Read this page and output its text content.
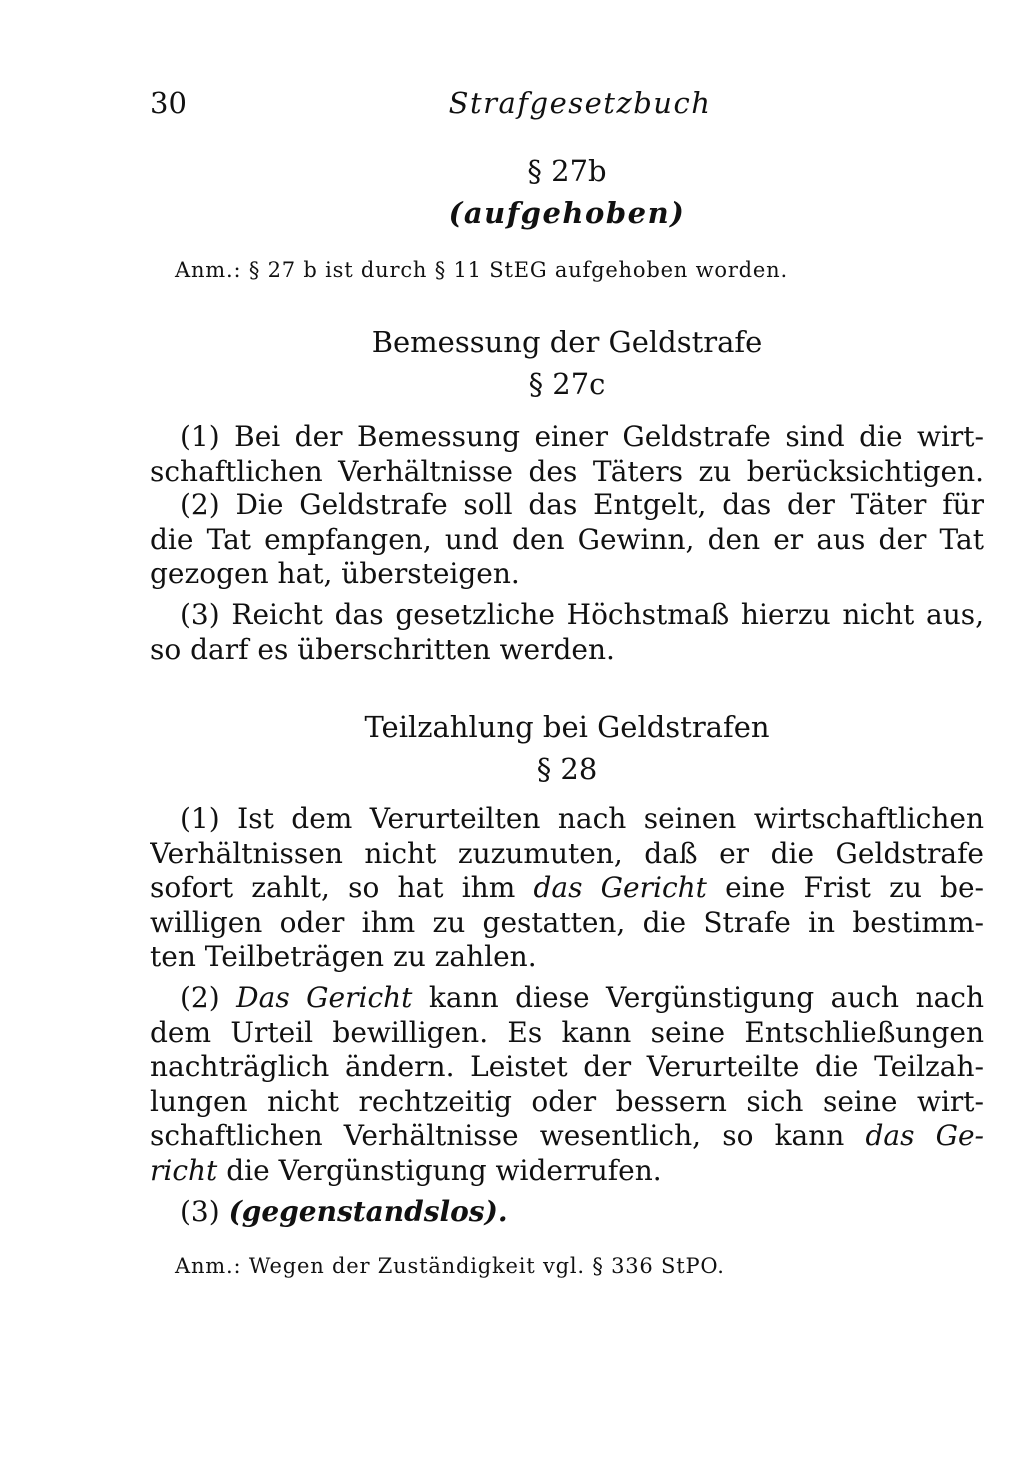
30	Strafgesetzbuch
§ 27b
(aufgehoben)
Anm.: § 27 b ist durch § 11 StEG aufgehoben worden.
Bemessung der Geldstrafe
§ 27c
(1) Bei der Bemessung einer Geldstrafe sind die wirt-
schaftlichen Verhältnisse des Täters zu berücksichtigen.
(2) Die Geldstrafe soll das Entgelt, das der Täter für
die Tat empfangen, und den Gewinn, den er aus der Tat
gezogen hat, übersteigen.
(3) Reicht das gesetzliche Höchstmaß hierzu nicht aus,
so darf es überschritten werden.
Teilzahlung bei Geldstrafen
§ 28
(1) Ist dem Verurteilten nach seinen wirtschaftlichen
Verhältnissen nicht zuzumuten, daß er die Geldstrafe
sofort zahlt, so hat ihm das Gericht eine Frist zu be-
willigen oder ihm zu gestatten, die Strafe in bestimm-
ten Teilbeträgen zu zahlen.
(2) Das Gericht kann diese Vergünstigung auch nach
dem Urteil bewilligen. Es kann seine Entschließungen
nachträglich ändern. Leistet der Verurteilte die Teilzah-
lungen nicht rechtzeitig oder bessern sich seine wirt-
schaftlichen Verhältnisse wesentlich, so kann das Ge-
richt die Vergünstigung widerrufen.
(3) (gegenstandslos).
Anm.: Wegen der Zuständigkeit vgl. § 336 StPO.
